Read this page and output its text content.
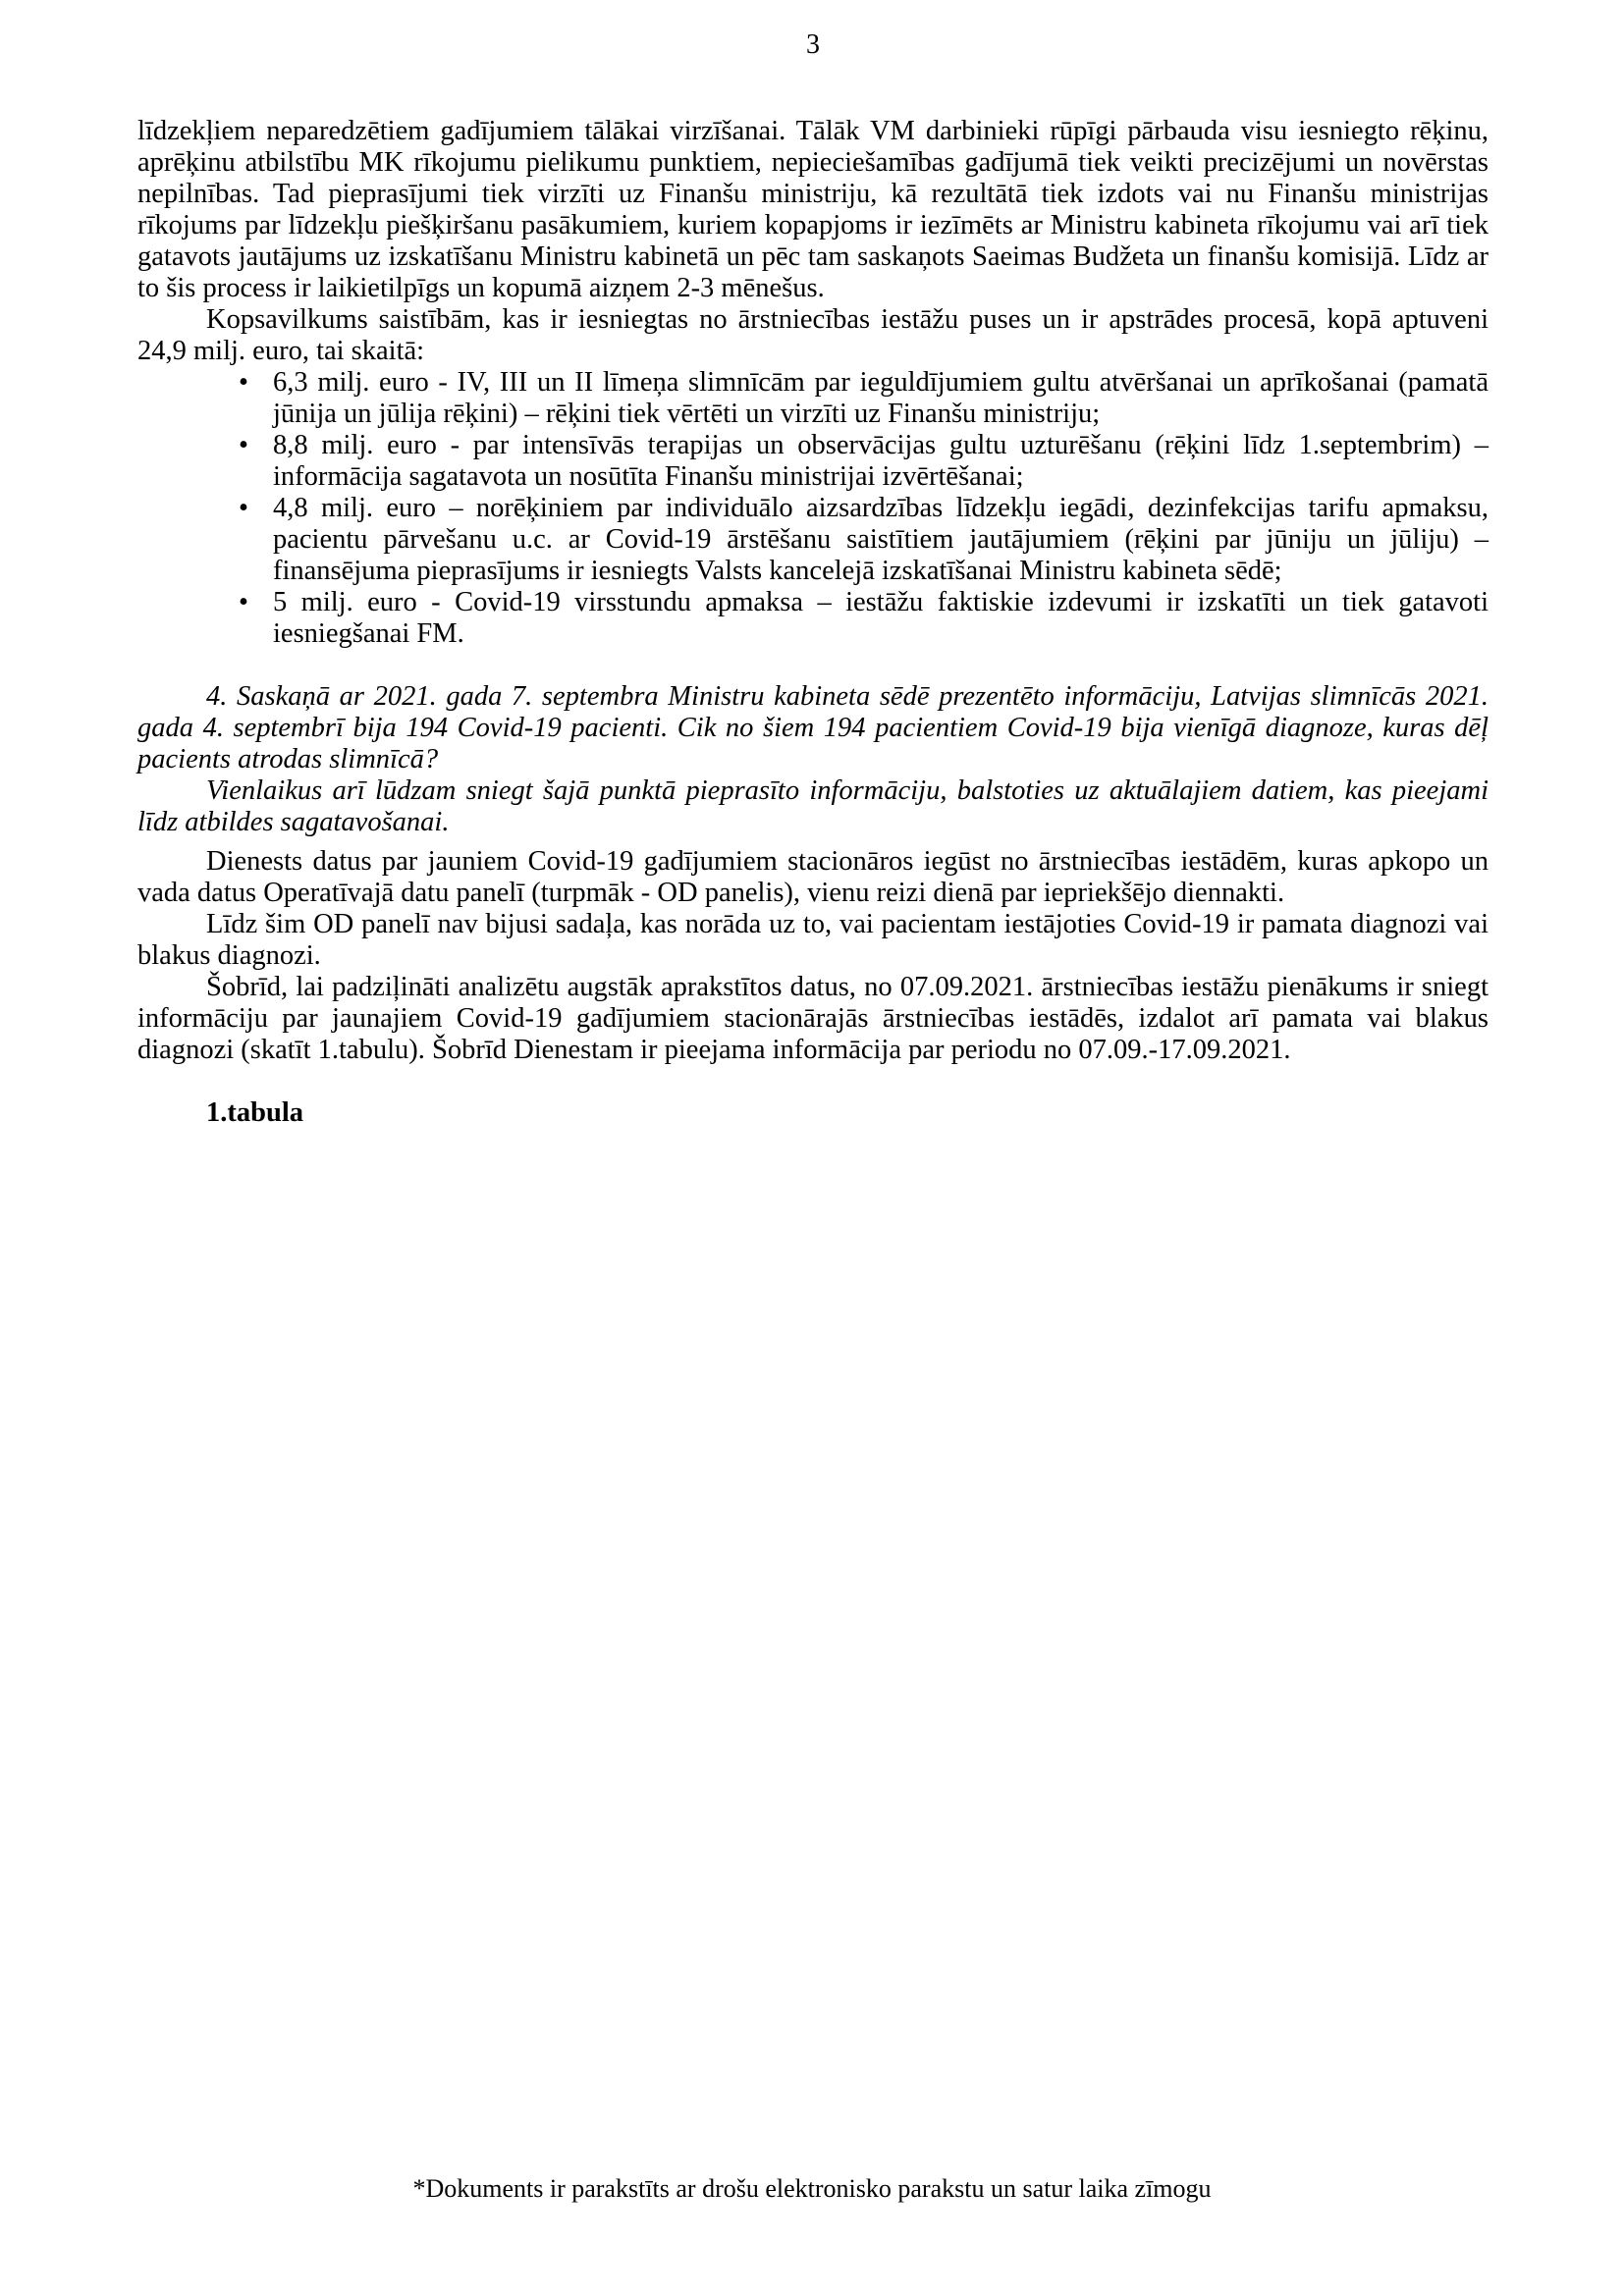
3

līdzekļiem neparedzētiem gadījumiem tālākai virzīšanai. Tālāk VM darbinieki rūpīgi pārbauda visu iesniegto rēķinu, aprēķinu atbilstību MK rīkojumu pielikumu punktiem, nepieciešamības gadījumā tiek veikti precizējumi un novērstas nepilnības. Tad pieprasījumi tiek virzīti uz Finanšu ministriju, kā rezultātā tiek izdots vai nu Finanšu ministrijas rīkojums par līdzekļu piešķiršanu pasākumiem, kuriem kopapjoms ir iezīmēts ar Ministru kabineta rīkojumu vai arī tiek gatavots jautājums uz izskatīšanu Ministru kabinetā un pēc tam saskaņots Saeimas Budžeta un finanšu komisijā. Līdz ar to šis process ir laikietilpīgs un kopumā aizņem 2-3 mēnešus.

Kopsavilkums saistībām, kas ir iesniegtas no ārstniecības iestāžu puses un ir apstrādes procesā, kopā aptuveni 24,9 milj. euro, tai skaitā:

• 6,3 milj. euro - IV, III un II līmeņa slimnīcām par ieguldījumiem gultu atvēršanai un aprīkošanai (pamatā jūnija un jūlija rēķini) – rēķini tiek vērtēti un virzīti uz Finanšu ministriju;
• 8,8 milj. euro - par intensīvās terapijas un observācijas gultu uzturēšanu (rēķini līdz 1.septembrim) – informācija sagatavota un nosūtīta Finanšu ministrijai izvērtēšanai;
• 4,8 milj. euro – norēķiniem par individuālo aizsardzības līdzekļu iegādi, dezinfekcijas tarifu apmaksu, pacientu pārvešanu u.c. ar Covid-19 ārstēšanu saistītiem jautājumiem (rēķini par jūniju un jūliju) – finansējuma pieprasījums ir iesniegts Valsts kancelejā izskatīšanai Ministru kabineta sēdē;
• 5 milj. euro - Covid-19 virsstundu apmaksa – iestāžu faktiskie izdevumi ir izskatīti un tiek gatavoti iesniegšanai FM.

4. Saskaņā ar 2021. gada 7. septembra Ministru kabineta sēdē prezentēto informāciju, Latvijas slimnīcās 2021. gada 4. septembrī bija 194 Covid-19 pacienti. Cik no šiem 194 pacientiem Covid-19 bija vienīgā diagnoze, kuras dēļ pacients atrodas slimnīcā?

Vienlaikus arī lūdzam sniegt šajā punktā pieprasīto informāciju, balstoties uz aktuālajiem datiem, kas pieejami līdz atbildes sagatavošanai.

Dienests datus par jauniem Covid-19 gadījumiem stacionāros iegūst no ārstniecības iestādēm, kuras apkopo un vada datus Operatīvajā datu panelī (turpmāk - OD panelis), vienu reizi dienā par iepriekšējo diennakti.

Līdz šim OD panelī nav bijusi sadaļa, kas norāda uz to, vai pacientam iestājoties Covid-19 ir pamata diagnozi vai blakus diagnozi.

Šobrīd, lai padziļināti analizētu augstāk aprakstītos datus, no 07.09.2021. ārstniecības iestāžu pienākums ir sniegt informāciju par jaunajiem Covid-19 gadījumiem stacionārajās ārstniecības iestādēs, izdalot arī pamata vai blakus diagnozi (skatīt 1.tabulu). Šobrīd Dienestam ir pieejama informācija par periodu no 07.09.-17.09.2021.

1.tabula

*Dokuments ir parakstīts ar drošu elektronisko parakstu un satur laika zīmogu
